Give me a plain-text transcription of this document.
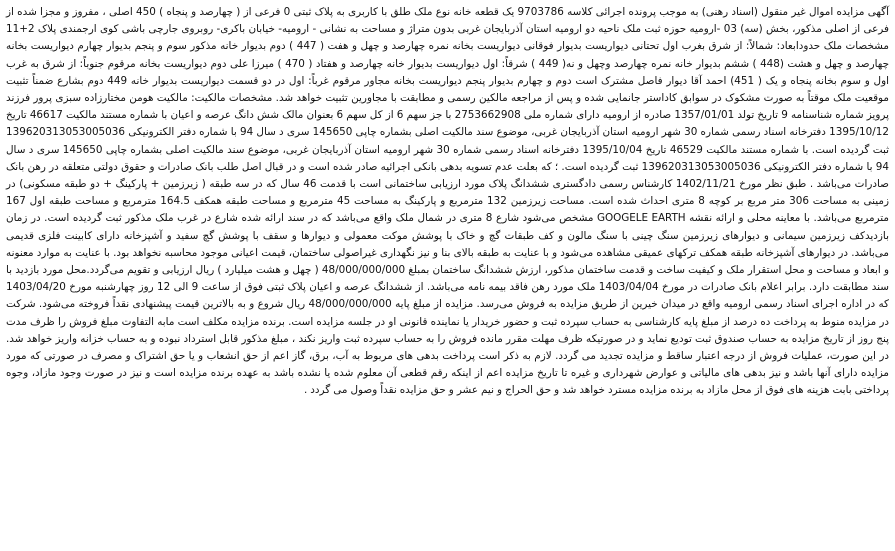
آگهی مزایده اموال غیر منقول (اسناد رهنی) به موجب پرونده اجرائی کلاسه 9703786 یک قطعه خانه نوع ملک طلق با کاربری به پلاک ثبتی 0 فرعی از ( چهارصد و پنجاه ) 450 اصلی ، مفروز و مجزا شده از فرعی از اصلی مذکور، بخش (سه) 03 -ارومیه حوزه ثبت ملک ناحیه دو ارومیه استان آذربایجان غربی بدون متراژ و مساحت به نشانی - ارومیه- خیابان باکری- روبروی جارچی باشی کوی ارجمندی پلاک 2+11 مشخصات ملک حدودابعاد: شمالاً: از شرق بغرب اول تحتانی دیواریست بدیوار فوقانی دیواریست بخانه نمره چهارصد و چهل و هفت ( 447 ) دوم بدیوار خانه مذکور سوم و پنجم بدیوار چهارم دیواریست بخانه چهارصد و چهل و هشت (448 ) ششم بدیوار خانه نمره چهارصد وچهل و نه( 449 ) شرقاً: اول دیواریست بدیوار خانه چهارصد و هفتاد ( 470 ) میرزا علی دوم دیواریست بخانه مرقوم جنوباً: از شرق به غرب اول و سوم بخانه پنجاه و یک ( 451) احمد آقا دیوار فاصل مشترک است دوم و چهارم بدیوار پنجم دیواریست بخانه مجاور مرقوم غرباً: اول در دو قسمت دیواریست بدیوار خانه 449 دوم بشارع ضمناً تثبیت موقعیت ملک موقتاً به صورت مشکوک در سوابق کاداستر جانمایی شده و پس از مراجعه مالکین رسمی و مطابقت با مجاورین تثبیت خواهد شد. مشخصات مالکیت: مالکیت هومن مختارزاده سبزی پرور فرزند پرویز شماره شناسنامه 9 تاریخ تولد 1357/01/01 صادره از ارومیه دارای شماره ملی 2753662908 با جز سهم 6 از کل سهم 6 بعنوان مالک شش دانگ عرصه و اعیان با شماره مستند مالکیت 46617 تاریخ 1395/10/12 دفترخانه اسناد رسمی شماره 30 شهر ارومیه استان آذربایجان غربی، موضوع سند مالکیت اصلی بشماره چاپی 145650 سری د سال 94 با شماره دفتر الکترونیکی 139620313053005036 ثبت گردیده است. با شماره مستند مالکیت 46529 تاریخ 1395/10/04 دفترخانه اسناد رسمی شماره 30 شهر ارومیه استان آذربایجان غربی، موضوع سند مالکیت اصلی بشماره چاپی 145650 سری د سال 94 با شماره دفتر الکترونیکی 139620313053005036 ثبت گردیده است. ؛ که بعلت عدم تسویه بدهی بانکی اجرائیه صادر شده است و در قبال اصل طلب بانک صادرات و حقوق دولتی متعلقه در رهن بانک صادرات می‌باشد . طبق نظر مورخ 1402/11/21 کارشناس رسمی دادگستری ششدانگ پلاک مورد ارزیابی ساختمانی است با قدمت 46 سال که در سه طبقه ( زیرزمین + پارکینگ + دو طبقه مسکونی) در زمینی به مساحت 306 متر مربع بر کوچه 8 متری احداث شده است. مساحت زیرزمین 132 مترمربع و پارکینگ به مساحت 45 مترمربع و مساحت طبقه همکف 164.5 مترمربع و مساحت طبقه اول 167 مترمربع می‌باشد. با معاینه محلی و ارائه نقشه GOOGELE EARTH مشخص می‌شود شارع 8 متری در شمال ملک واقع می‌باشد که در سند ارائه شده شارع در غرب ملک مذکور ثبت گردیده است. در زمان بازدید‌کف زیرزمین سیمانی و دیوارهای زیرزمین سنگ چینی با سنگ مالون و کف طبقات گچ و خاک با پوشش موکت معمولی و دیوارها و سقف با پوشش گچ سفید و آشپزخانه دارای کابینت فلزی قدیمی می‌باشد. در دیوارهای آشپزخانه طبقه همکف ترکهای عمیقی مشاهده می‌شود و با عنایت به طبقه بالای بنا و نیز نگهداری غیراصولی ساختمان، قیمت اعیانی موجود محاسبه نخواهد بود. با عنایت به موارد معنونه و ابعاد و مساحت و محل استقرار ملک و کیفیت ساخت و قدمت ساختمان مذکور، ارزش ششدانگ ساختمان بمبلغ 48/000/000/000 ( چهل و هشت میلیارد ) ریال ارزیابی و تقویم می‌گردد.محل مورد بازدید با سند مطابقت دارد. برابر اعلام بانک صادرات در مورخ 1403/04/04 ملک مورد رهن فاقد بیمه نامه می‌باشد. از ششدانگ عرصه و اعیان پلاک ثبتی فوق از ساعت 9 الی 12 روز چهارشنبه مورخ 1403/04/20 که در اداره اجرای اسناد رسمی ارومیه واقع در میدان خیرین از طریق مزایده به فروش می‌رسد. مزایده از مبلغ پایه 48/000/000/000 ریال شروع و به بالاترین قیمت پیشنهادی نقداً فروخته می‌شود. شرکت در مزایده منوط به پرداخت ده درصد از مبلغ پایه کارشناسی به حساب سپرده ثبت و حضور خریدار یا نماینده قانونی او در جلسه مزایده است. برنده مزایده مکلف است مابه التفاوت مبلغ فروش را ظرف مدت پنج روز از تاریخ مزایده به حساب صندوق ثبت تودیع نماید و در صورتیکه ظرف مهلت مقرر مانده فروش را به حساب سپرده ثبت واریز نکند ، مبلغ مذکور قابل استرداد نبوده و به حساب خزانه واریز خواهد شد. در این صورت، عملیات فروش از درجه اعتبار ساقط و مزایده تجدید می گردد. لازم به ذکر است پرداخت بدهی های مربوط به آب، برق، گاز اعم از حق انشعاب و یا حق اشتراک و مصرف در صورتی که مورد مزایده دارای آنها باشد و نیز بدهی های مالیاتی و عوارض شهرداری و غیره تا تاریخ مزایده اعم از اینکه رقم قطعی آن معلوم شده یا نشده باشد به عهده برنده مزایده است و نیز در صورت وجود مازاد، وجوه پرداختی بابت هزینه های فوق از محل مازاد به برنده مزایده مسترد خواهد شد و حق الحراج و نیم عشر و حق مزایده نقداً وصول می گردد .
